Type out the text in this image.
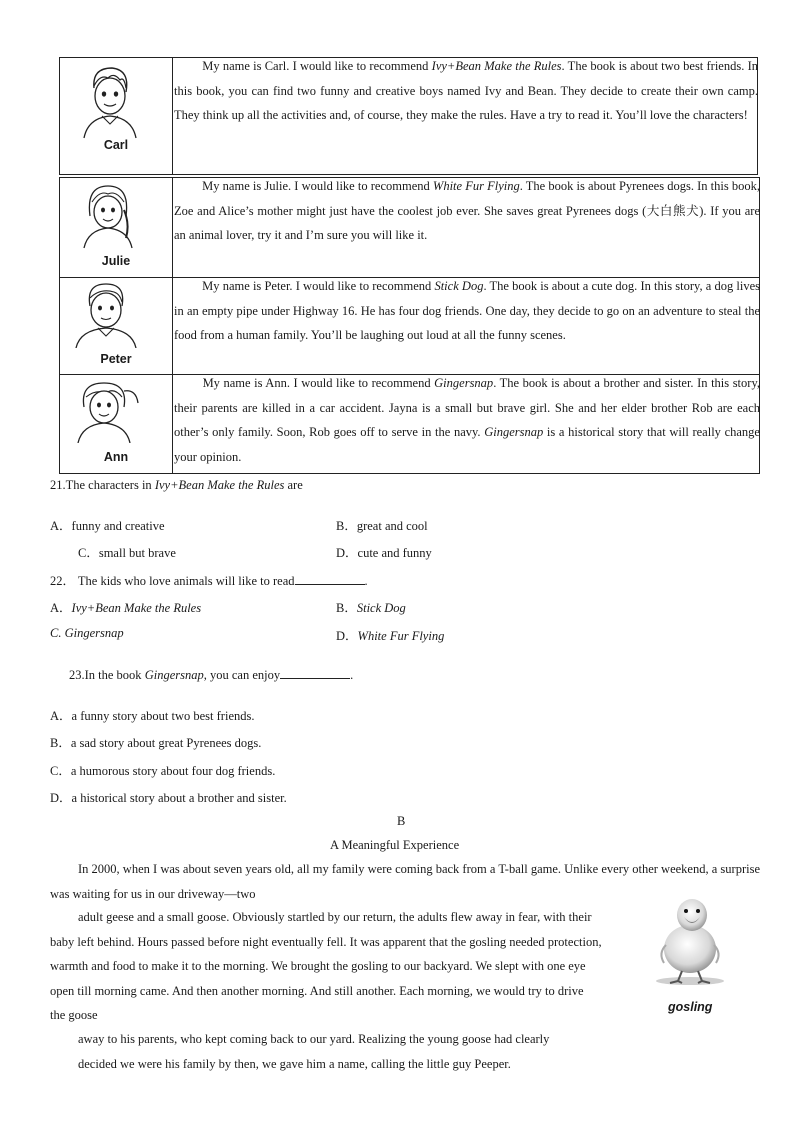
Carl
   My name is Carl. I would like to recommend Ivy+Bean Make the Rules. The book is about two best friends. In this book, you can find two funny and creative boys named Ivy and Bean. They decide to create their own camp. They think up all the activities and, of course, they make the rules. Have a try to read it. You’ll love the characters!
Julie
   My name is Julie. I would like to recommend White Fur Flying. The book is about Pyrenees dogs. In this book, Zoe and Alice’s mother might just have the coolest job ever. She saves great Pyrenees dogs (大白熊犬). If you are an animal lover, try it and I’m sure you will like it.
Peter
   My name is Peter. I would like to recommend Stick Dog. The book is about a cute dog. In this story, a dog lives in an empty pipe under Highway 16. He has four dog friends. One day, they decide to go on an adventure to steal the food from a human family. You’ll be laughing out loud at all the funny scenes.
Ann
   My name is Ann. I would like to recommend Gingersnap. The book is about a brother and sister. In this story, their parents are killed in a car accident. Jayna is a small but brave girl. She and her elder brother Rob are each other’s only family. Soon, Rob goes off to serve in the navy. Gingersnap is a historical story that will really change your opinion.
21.The characters in Ivy+Bean Make the Rules are
A．funny and creative	B．great and cool
C．small but brave	D．cute and funny
22． The kids who love animals will like to read	.
A．Ivy+Bean Make the Rules	B．Stick Dog
C. Gingersnap	D．White Fur Flying
23.In the book Gingersnap, you can enjoy	.
A．a funny story about two best friends.
B．a sad story about great Pyrenees dogs.
C．a humorous story about four dog friends.
D．a historical story about a brother and sister.
B
A Meaningful Experience
In 2000, when I was about seven years old, all my family were coming back from a T-ball game. Unlike every other weekend, a surprise was waiting for us in our driveway—two
adult geese and a small goose. Obviously startled by our return, the adults flew away in fear, with their
baby left behind. Hours passed before night eventually fell. It was apparent that the gosling needed protection,
warmth and food to make it to the morning. We brought the gosling to our backyard. We slept with one eye
open till morning came. And then another morning. And still another. Each morning, we would try to drive
the goose
away to his parents, who kept coming back to our yard. Realizing the young goose had clearly
decided we were his family by then, we gave him a name, calling the little guy Peeper.
gosling
